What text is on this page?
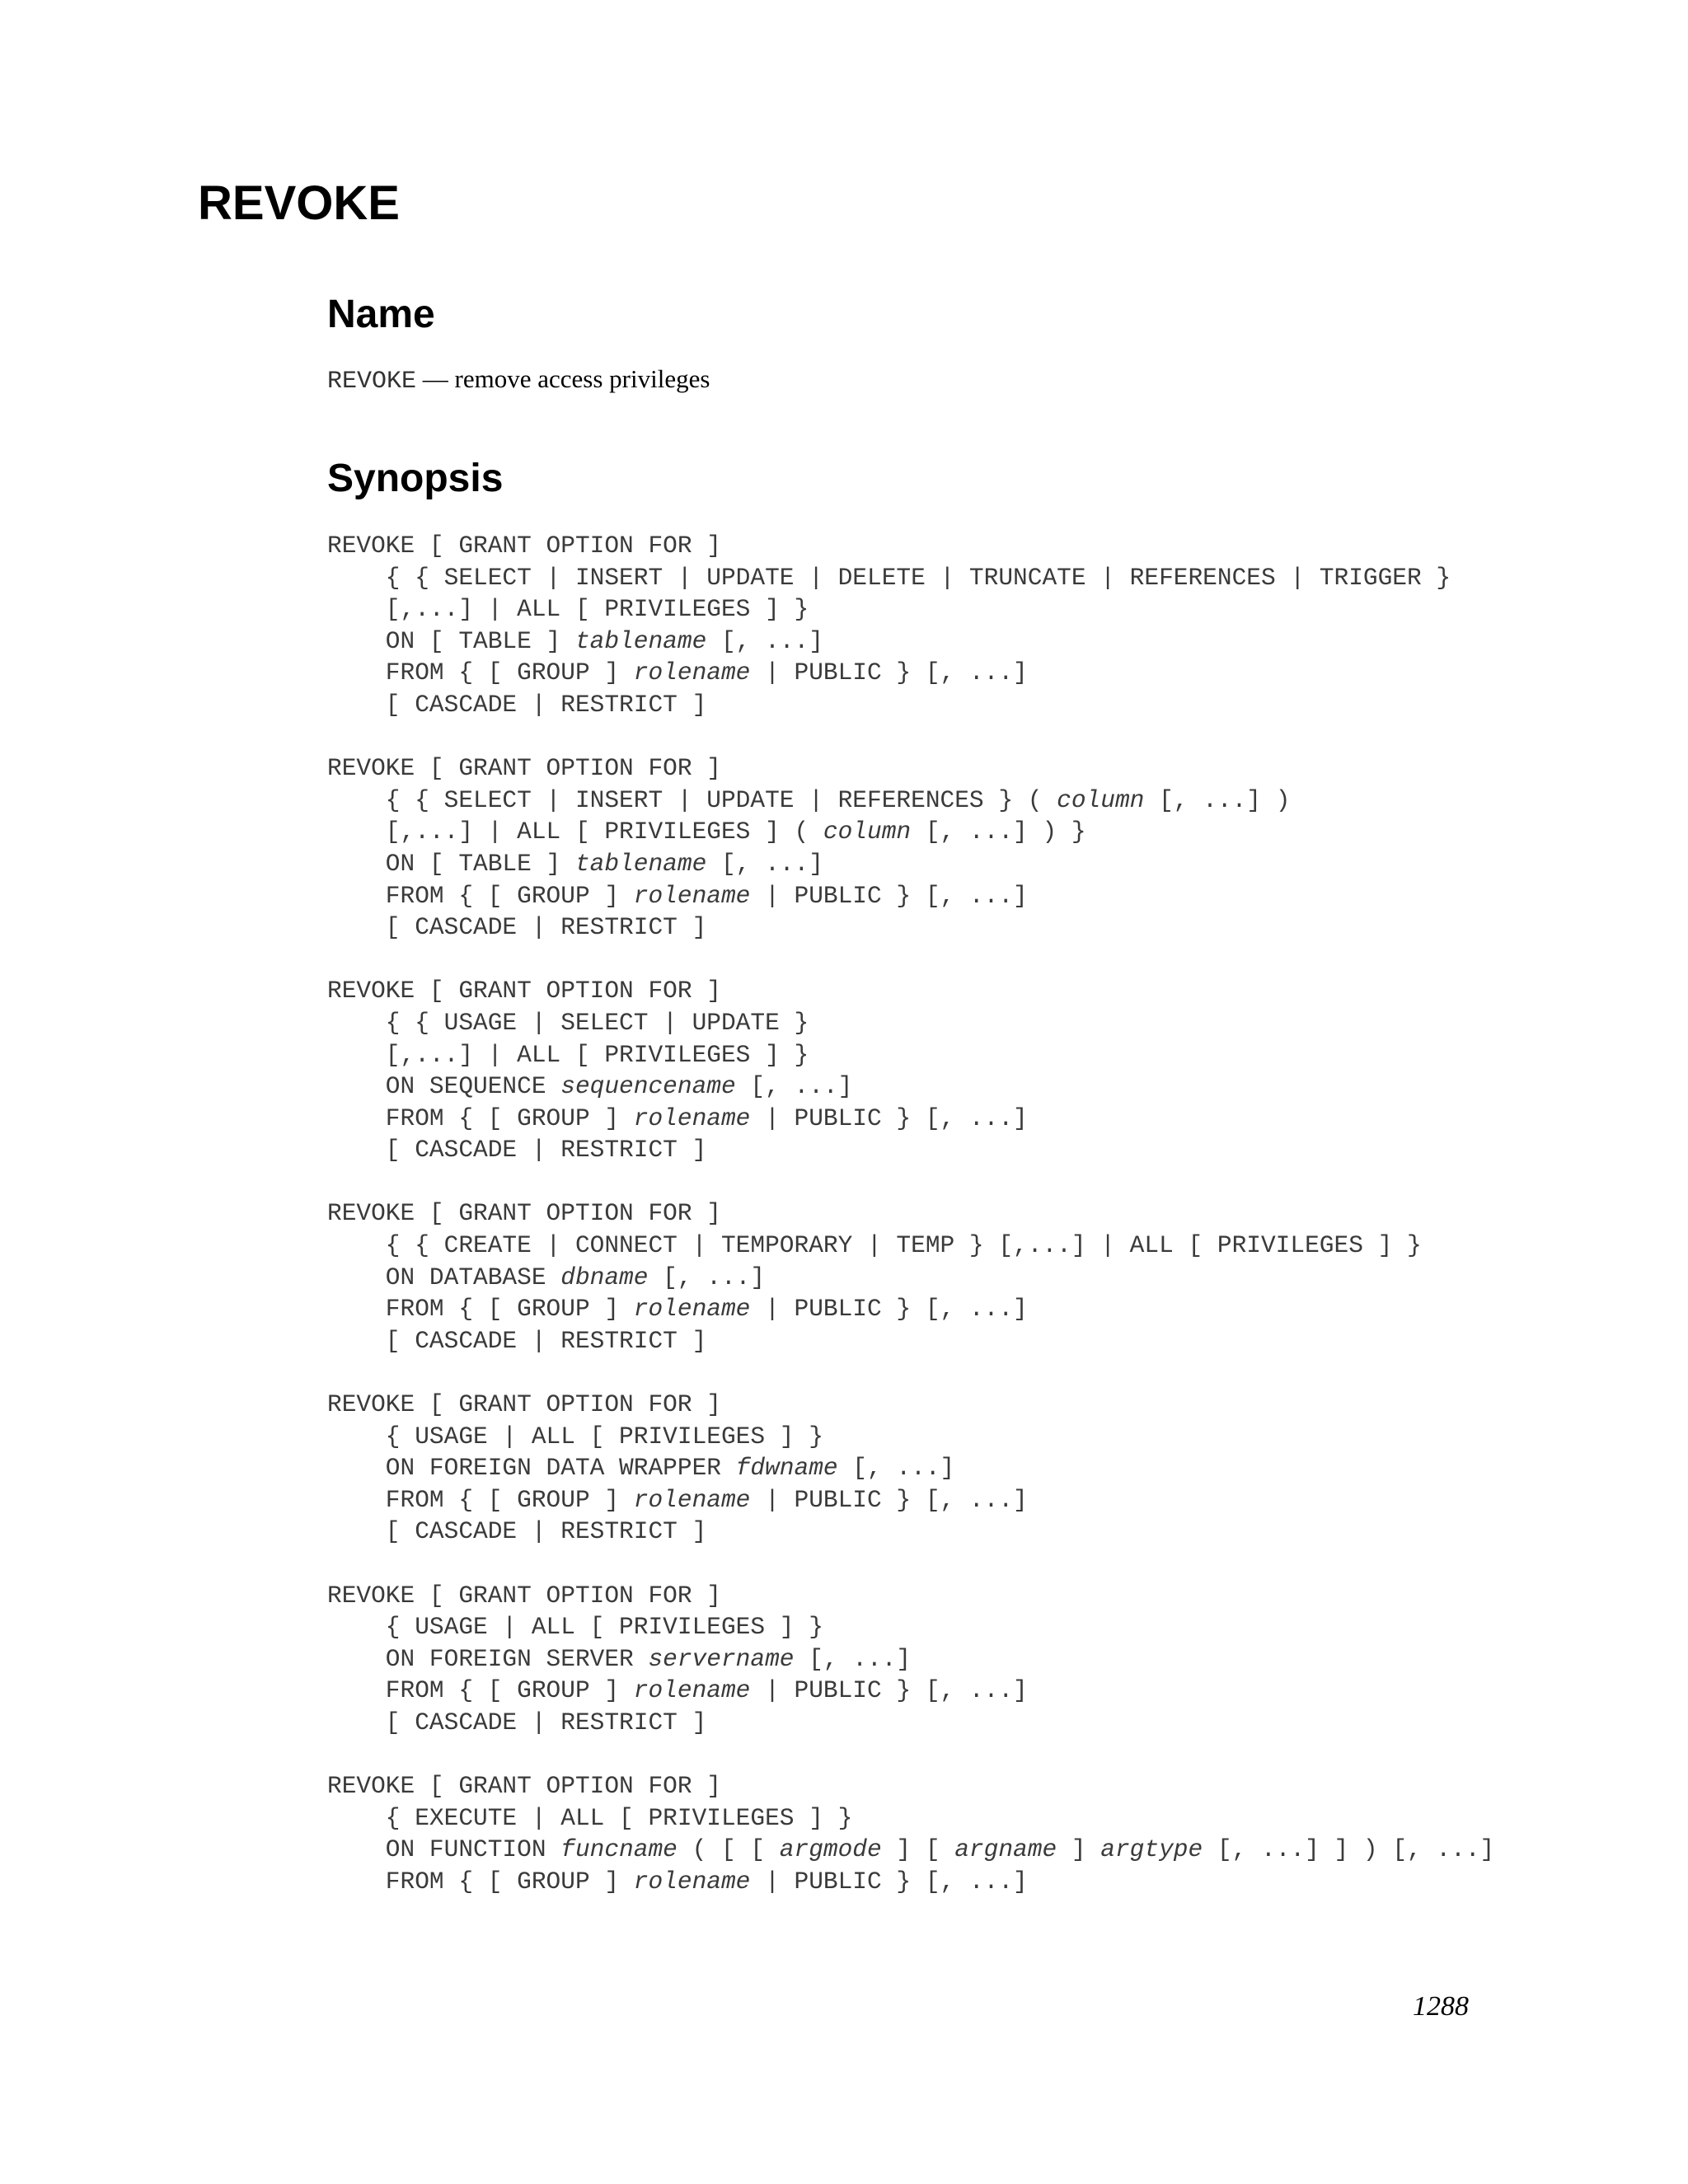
REVOKE
Name
REVOKE — remove access privileges
Synopsis
REVOKE [ GRANT OPTION FOR ]
{ { SELECT | INSERT | UPDATE | DELETE | TRUNCATE | REFERENCES | TRIGGER }
[,...] | ALL [ PRIVILEGES ] }
ON [ TABLE ] tablename [, ...]
FROM { [ GROUP ] rolename | PUBLIC } [, ...]
[ CASCADE | RESTRICT ]
REVOKE [ GRANT OPTION FOR ]
{ { SELECT | INSERT | UPDATE | REFERENCES } ( column [, ...] )
[,...] | ALL [ PRIVILEGES ] ( column [, ...] ) }
ON [ TABLE ] tablename [, ...]
FROM { [ GROUP ] rolename | PUBLIC } [, ...]
[ CASCADE | RESTRICT ]
REVOKE [ GRANT OPTION FOR ]
{ { USAGE | SELECT | UPDATE }
[,...] | ALL [ PRIVILEGES ] }
ON SEQUENCE sequencename [, ...]
FROM { [ GROUP ] rolename | PUBLIC } [, ...]
[ CASCADE | RESTRICT ]
REVOKE [ GRANT OPTION FOR ]
{ { CREATE | CONNECT | TEMPORARY | TEMP } [,...] | ALL [ PRIVILEGES ] }
ON DATABASE dbname [, ...]
FROM { [ GROUP ] rolename | PUBLIC } [, ...]
[ CASCADE | RESTRICT ]
REVOKE [ GRANT OPTION FOR ]
{ USAGE | ALL [ PRIVILEGES ] }
ON FOREIGN DATA WRAPPER fdwname [, ...]
FROM { [ GROUP ] rolename | PUBLIC } [, ...]
[ CASCADE | RESTRICT ]
REVOKE [ GRANT OPTION FOR ]
{ USAGE | ALL [ PRIVILEGES ] }
ON FOREIGN SERVER servername [, ...]
FROM { [ GROUP ] rolename | PUBLIC } [, ...]
[ CASCADE | RESTRICT ]
REVOKE [ GRANT OPTION FOR ]
{ EXECUTE | ALL [ PRIVILEGES ] }
ON FUNCTION funcname ( [ [ argmode ] [ argname ] argtype [, ...] ] ) [, ...]
FROM { [ GROUP ] rolename | PUBLIC } [, ...]
1288
